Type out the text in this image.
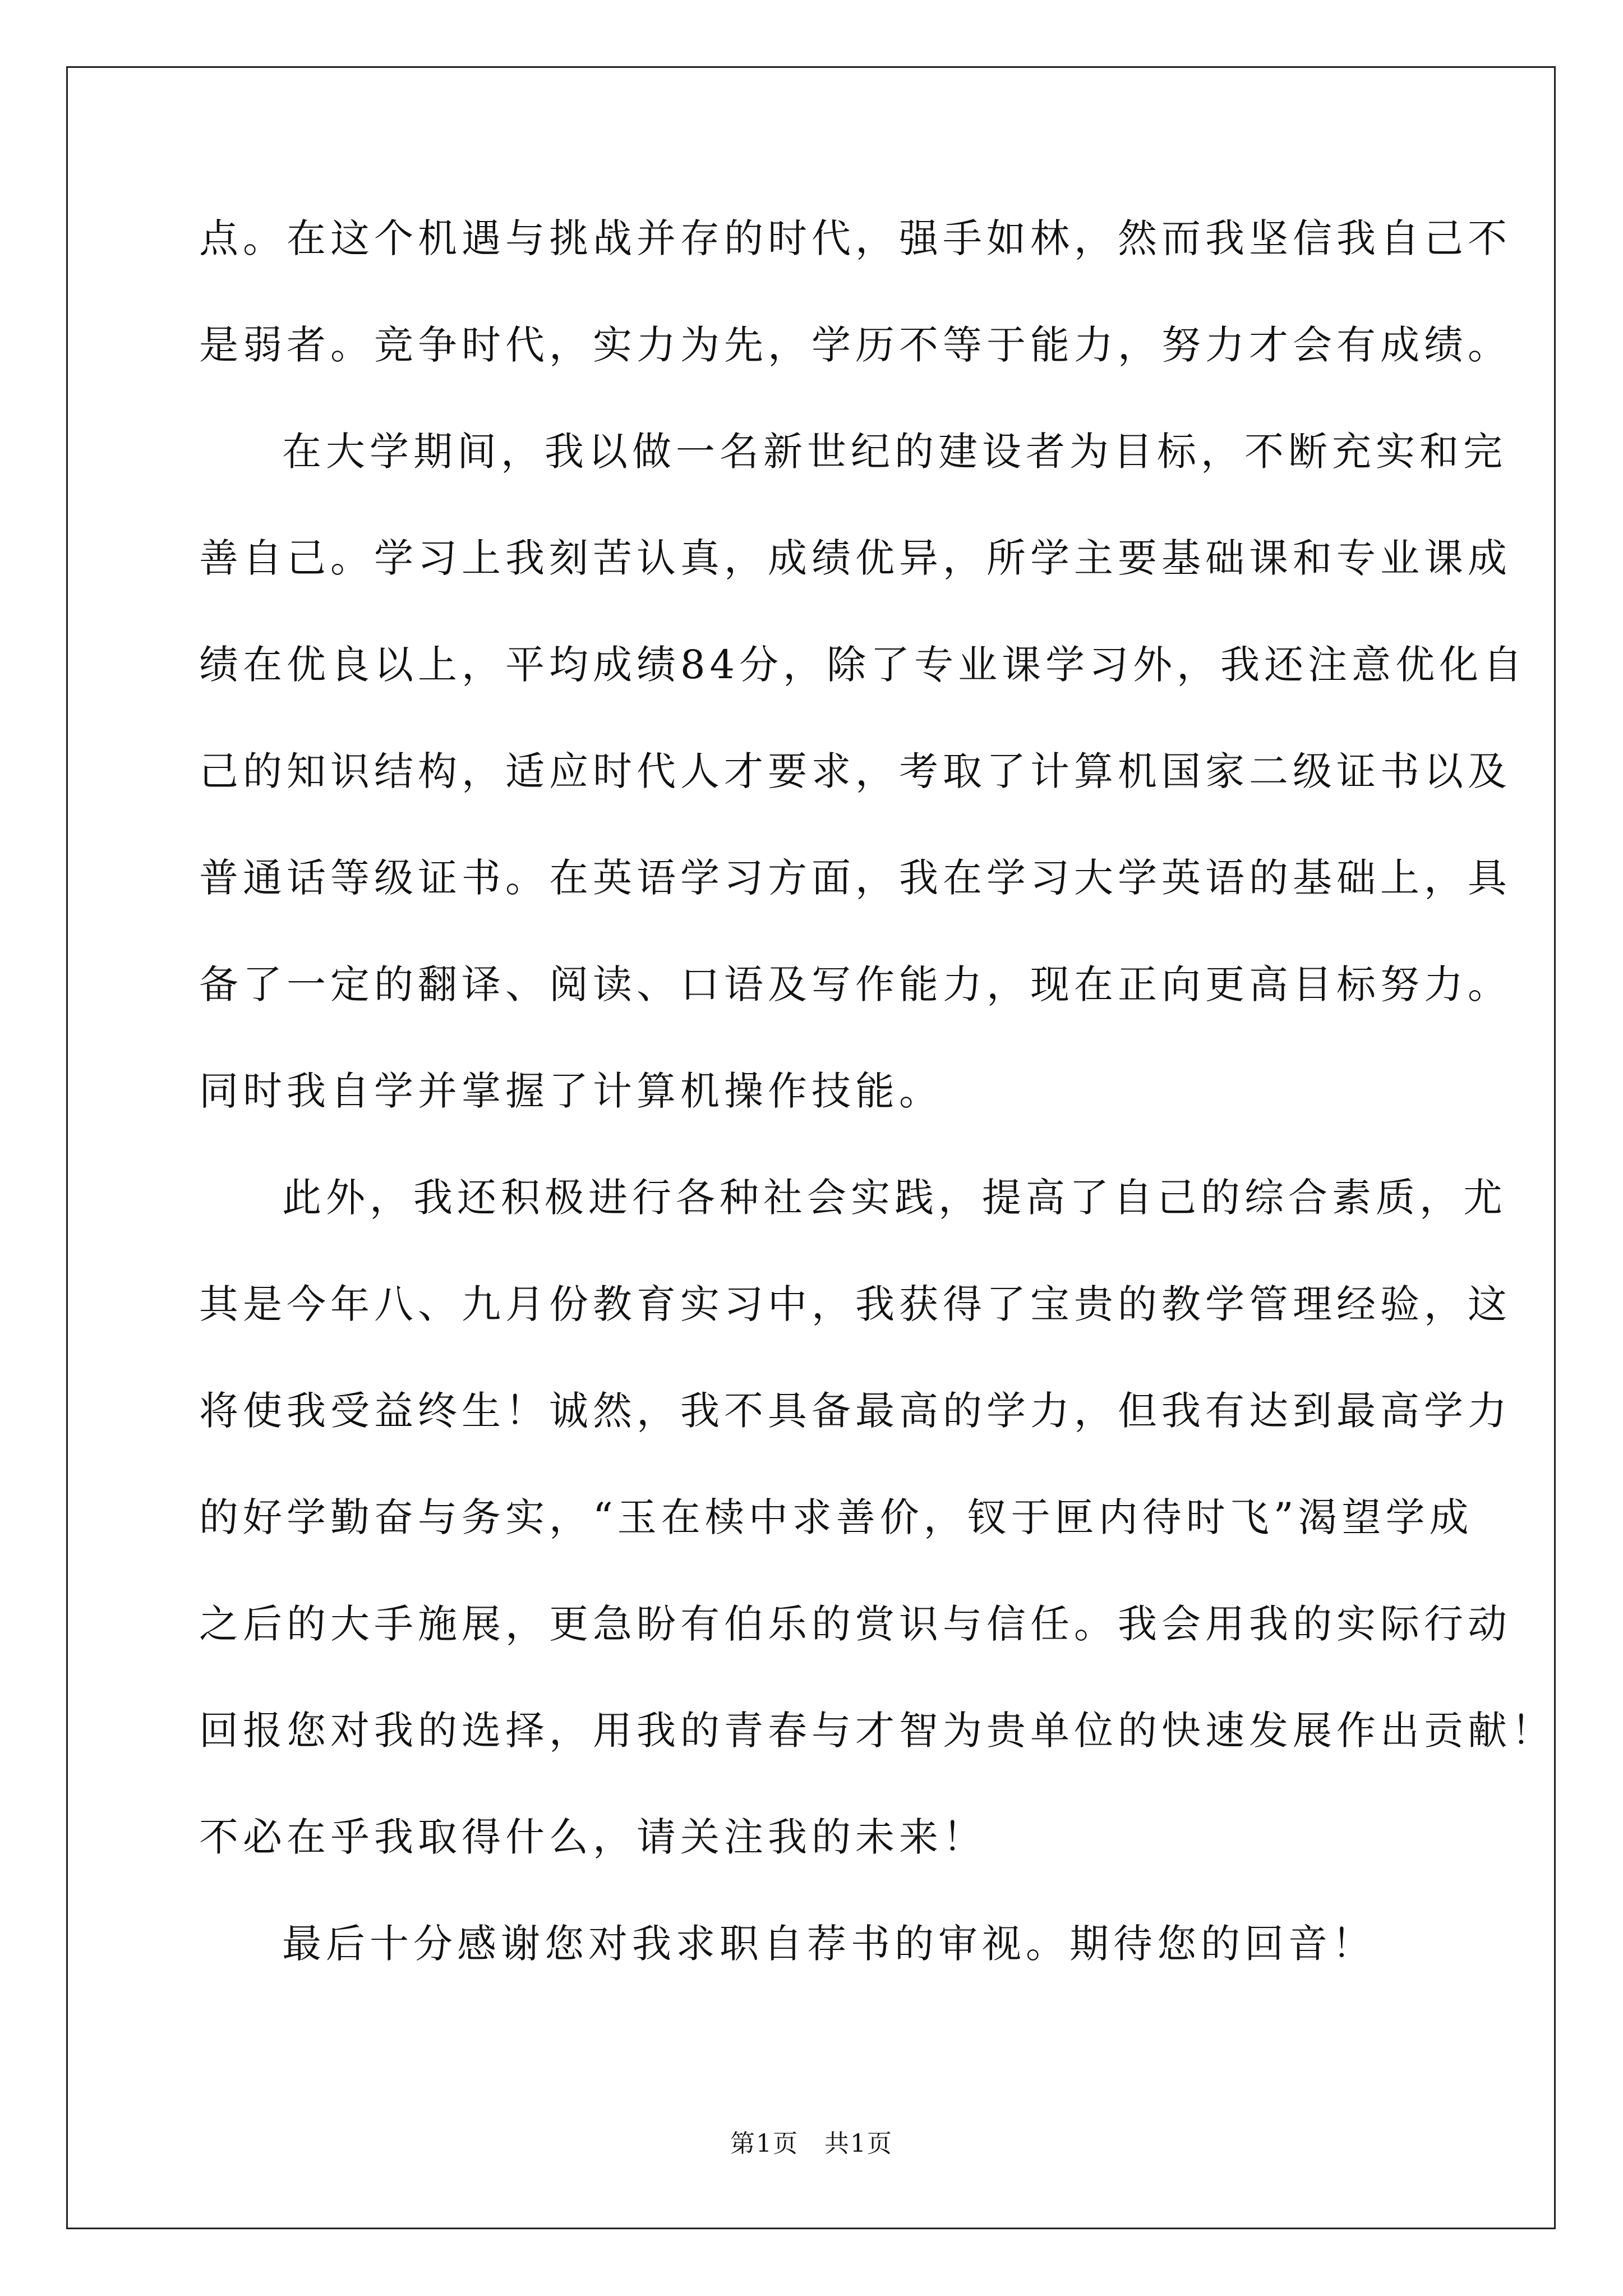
点。在这个机遇与挑战并存的时代，强手如林，然而我坚信我自己不
是弱者。竞争时代，实力为先，学历不等于能力，努力才会有成绩。
在大学期间，我以做一名新世纪的建设者为目标，不断充实和完
善自己。学习上我刻苦认真，成绩优异，所学主要基础课和专业课成
绩在优良以上，平均成绩84分，除了专业课学习外，我还注意优化自
己的知识结构，适应时代人才要求，考取了计算机国家二级证书以及
普通话等级证书。在英语学习方面，我在学习大学英语的基础上，具
备了一定的翻译、阅读、口语及写作能力，现在正向更高目标努力。
同时我自学并掌握了计算机操作技能。
此外，我还积极进行各种社会实践，提高了自己的综合素质，尤
其是今年八、九月份教育实习中，我获得了宝贵的教学管理经验，这
将使我受益终生！诚然，我不具备最高的学力，但我有达到最高学力
的好学勤奋与务实，“玉在椟中求善价，钗于匣内待时飞”渴望学成
之后的大手施展，更急盼有伯乐的赏识与信任。我会用我的实际行动
回报您对我的选择，用我的青春与才智为贵单位的快速发展作出贡献！
不必在乎我取得什么，请关注我的未来！
最后十分感谢您对我求职自荐书的审视。期待您的回音！
第1页 共1页
